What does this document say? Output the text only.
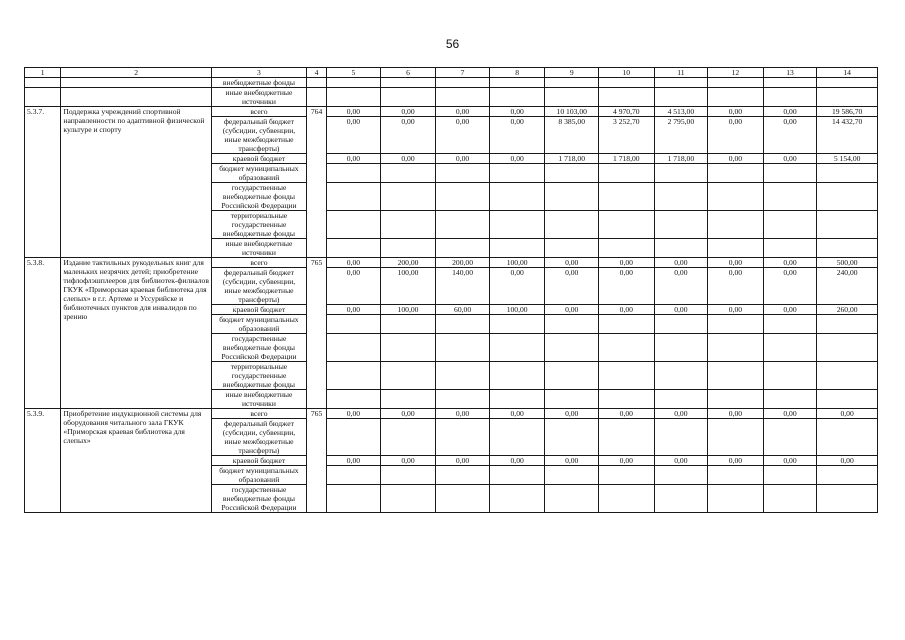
56
1	2	3	4	5	6	7	8	9	10	11	12	13	14
		внебюджетные фонды											
		иные внебюджетные источники											
5.3.7.	Поддержка учреждений спортивной направленности по адаптивной физической культуре и спорту	всего	764	0,00	0,00	0,00	0,00	10 103,00	4 970,70	4 513,00	0,00	0,00	19 586,70
		федеральный бюджет (субсидии, субвенции, иные межбюджетные трансферты)		0,00	0,00	0,00	0,00	8 385,00	3 252,70	2 795,00	0,00	0,00	14 432,70
		краевой бюджет		0,00	0,00	0,00	0,00	1 718,00	1 718,00	1 718,00	0,00	0,00	5 154,00
		бюджет муниципальных образований											
		государственные внебюджетные фонды Российской Федерации											
		территориальные государственные внебюджетные фонды											
		иные внебюджетные источники											
5.3.8.	Издание тактильных рукодельных книг для маленьких незрячих детей; приобретение тифлофлэшплееров для библиотек-филиалов ГКУК «Приморская краевая библиотека для слепых» в г.г. Артеме и Уссурийске и библиотечных пунктов для инвалидов по зрению	всего	765	0,00	200,00	200,00	100,00	0,00	0,00	0,00	0,00	0,00	500,00
		федеральный бюджет (субсидии, субвенции, иные межбюджетные трансферты)		0,00	100,00	140,00	0,00	0,00	0,00	0,00	0,00	0,00	240,00
		краевой бюджет		0,00	100,00	60,00	100,00	0,00	0,00	0,00	0,00	0,00	260,00
		бюджет муниципальных образований											
		государственные внебюджетные фонды Российской Федерации											
		территориальные государственные внебюджетные фонды											
		иные внебюджетные источники											
5.3.9.	Приобретение индукционной системы для оборудования читального зала ГКУК «Приморская краевая библиотека для слепых»	всего	765	0,00	0,00	0,00	0,00	0,00	0,00	0,00	0,00	0,00	0,00
		федеральный бюджет (субсидии, субвенции, иные межбюджетные трансферты)											
		краевой бюджет		0,00	0,00	0,00	0,00	0,00	0,00	0,00	0,00	0,00	0,00
		бюджет муниципальных образований											
		государственные внебюджетные фонды Российской Федерации											
